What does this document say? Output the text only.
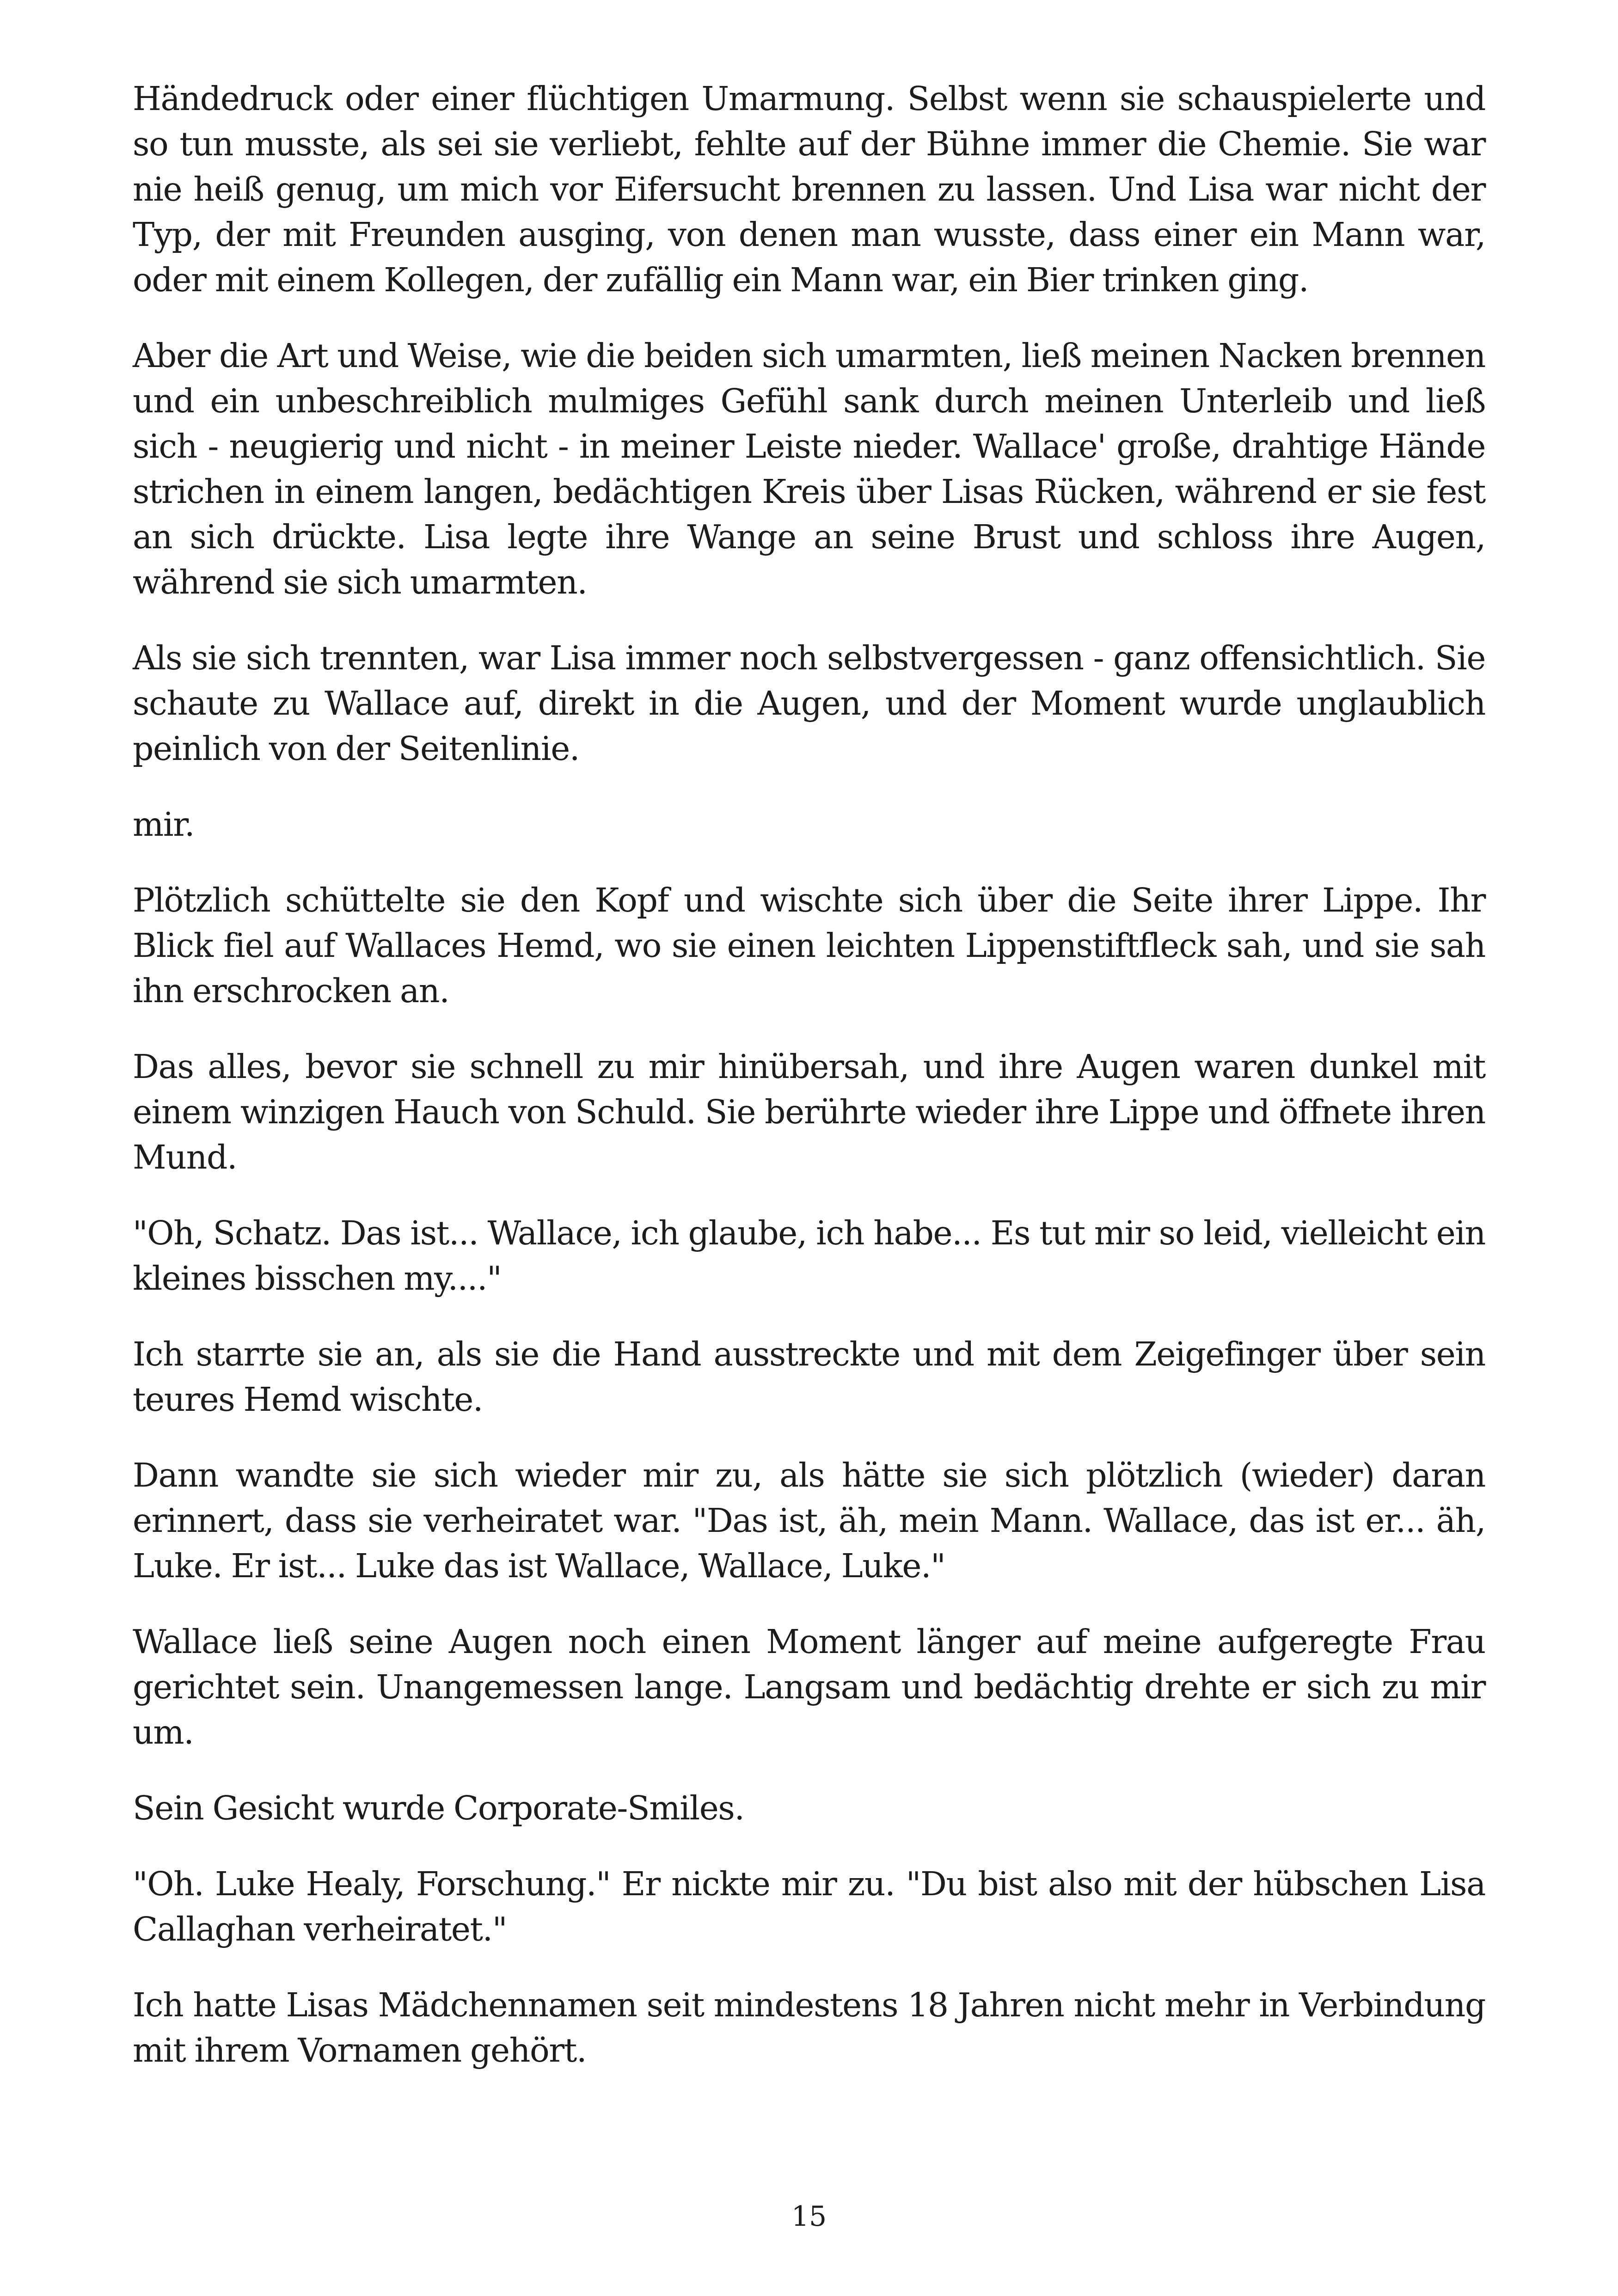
Händedruck oder einer flüchtigen Umarmung. Selbst wenn sie schauspielerte und so tun musste, als sei sie verliebt, fehlte auf der Bühne immer die Chemie. Sie war nie heiß genug, um mich vor Eifersucht brennen zu lassen. Und Lisa war nicht der Typ, der mit Freunden ausging, von denen man wusste, dass einer ein Mann war, oder mit einem Kollegen, der zufällig ein Mann war, ein Bier trinken ging.

Aber die Art und Weise, wie die beiden sich umarmten, ließ meinen Nacken brennen und ein unbeschreiblich mulmiges Gefühl sank durch meinen Unterleib und ließ sich - neugierig und nicht - in meiner Leiste nieder. Wallace' große, drahtige Hände strichen in einem langen, bedächtigen Kreis über Lisas Rücken, während er sie fest an sich drückte. Lisa legte ihre Wange an seine Brust und schloss ihre Augen, während sie sich umarmten.

Als sie sich trennten, war Lisa immer noch selbstvergessen - ganz offensichtlich. Sie schaute zu Wallace auf, direkt in die Augen, und der Moment wurde unglaublich peinlich von der Seitenlinie.

mir.

Plötzlich schüttelte sie den Kopf und wischte sich über die Seite ihrer Lippe. Ihr Blick fiel auf Wallaces Hemd, wo sie einen leichten Lippenstiftfleck sah, und sie sah ihn erschrocken an.

Das alles, bevor sie schnell zu mir hinübersah, und ihre Augen waren dunkel mit einem winzigen Hauch von Schuld. Sie berührte wieder ihre Lippe und öffnete ihren Mund.

"Oh, Schatz. Das ist... Wallace, ich glaube, ich habe... Es tut mir so leid, vielleicht ein kleines bisschen my...."

Ich starrte sie an, als sie die Hand ausstreckte und mit dem Zeigefinger über sein teures Hemd wischte.

Dann wandte sie sich wieder mir zu, als hätte sie sich plötzlich (wieder) daran erinnert, dass sie verheiratet war. "Das ist, äh, mein Mann. Wallace, das ist er... äh, Luke. Er ist... Luke das ist Wallace, Wallace, Luke."

Wallace ließ seine Augen noch einen Moment länger auf meine aufgeregte Frau gerichtet sein. Unangemessen lange. Langsam und bedächtig drehte er sich zu mir um.

Sein Gesicht wurde Corporate-Smiles.

"Oh. Luke Healy, Forschung." Er nickte mir zu. "Du bist also mit der hübschen Lisa Callaghan verheiratet."

Ich hatte Lisas Mädchennamen seit mindestens 18 Jahren nicht mehr in Verbindung mit ihrem Vornamen gehört.

15
